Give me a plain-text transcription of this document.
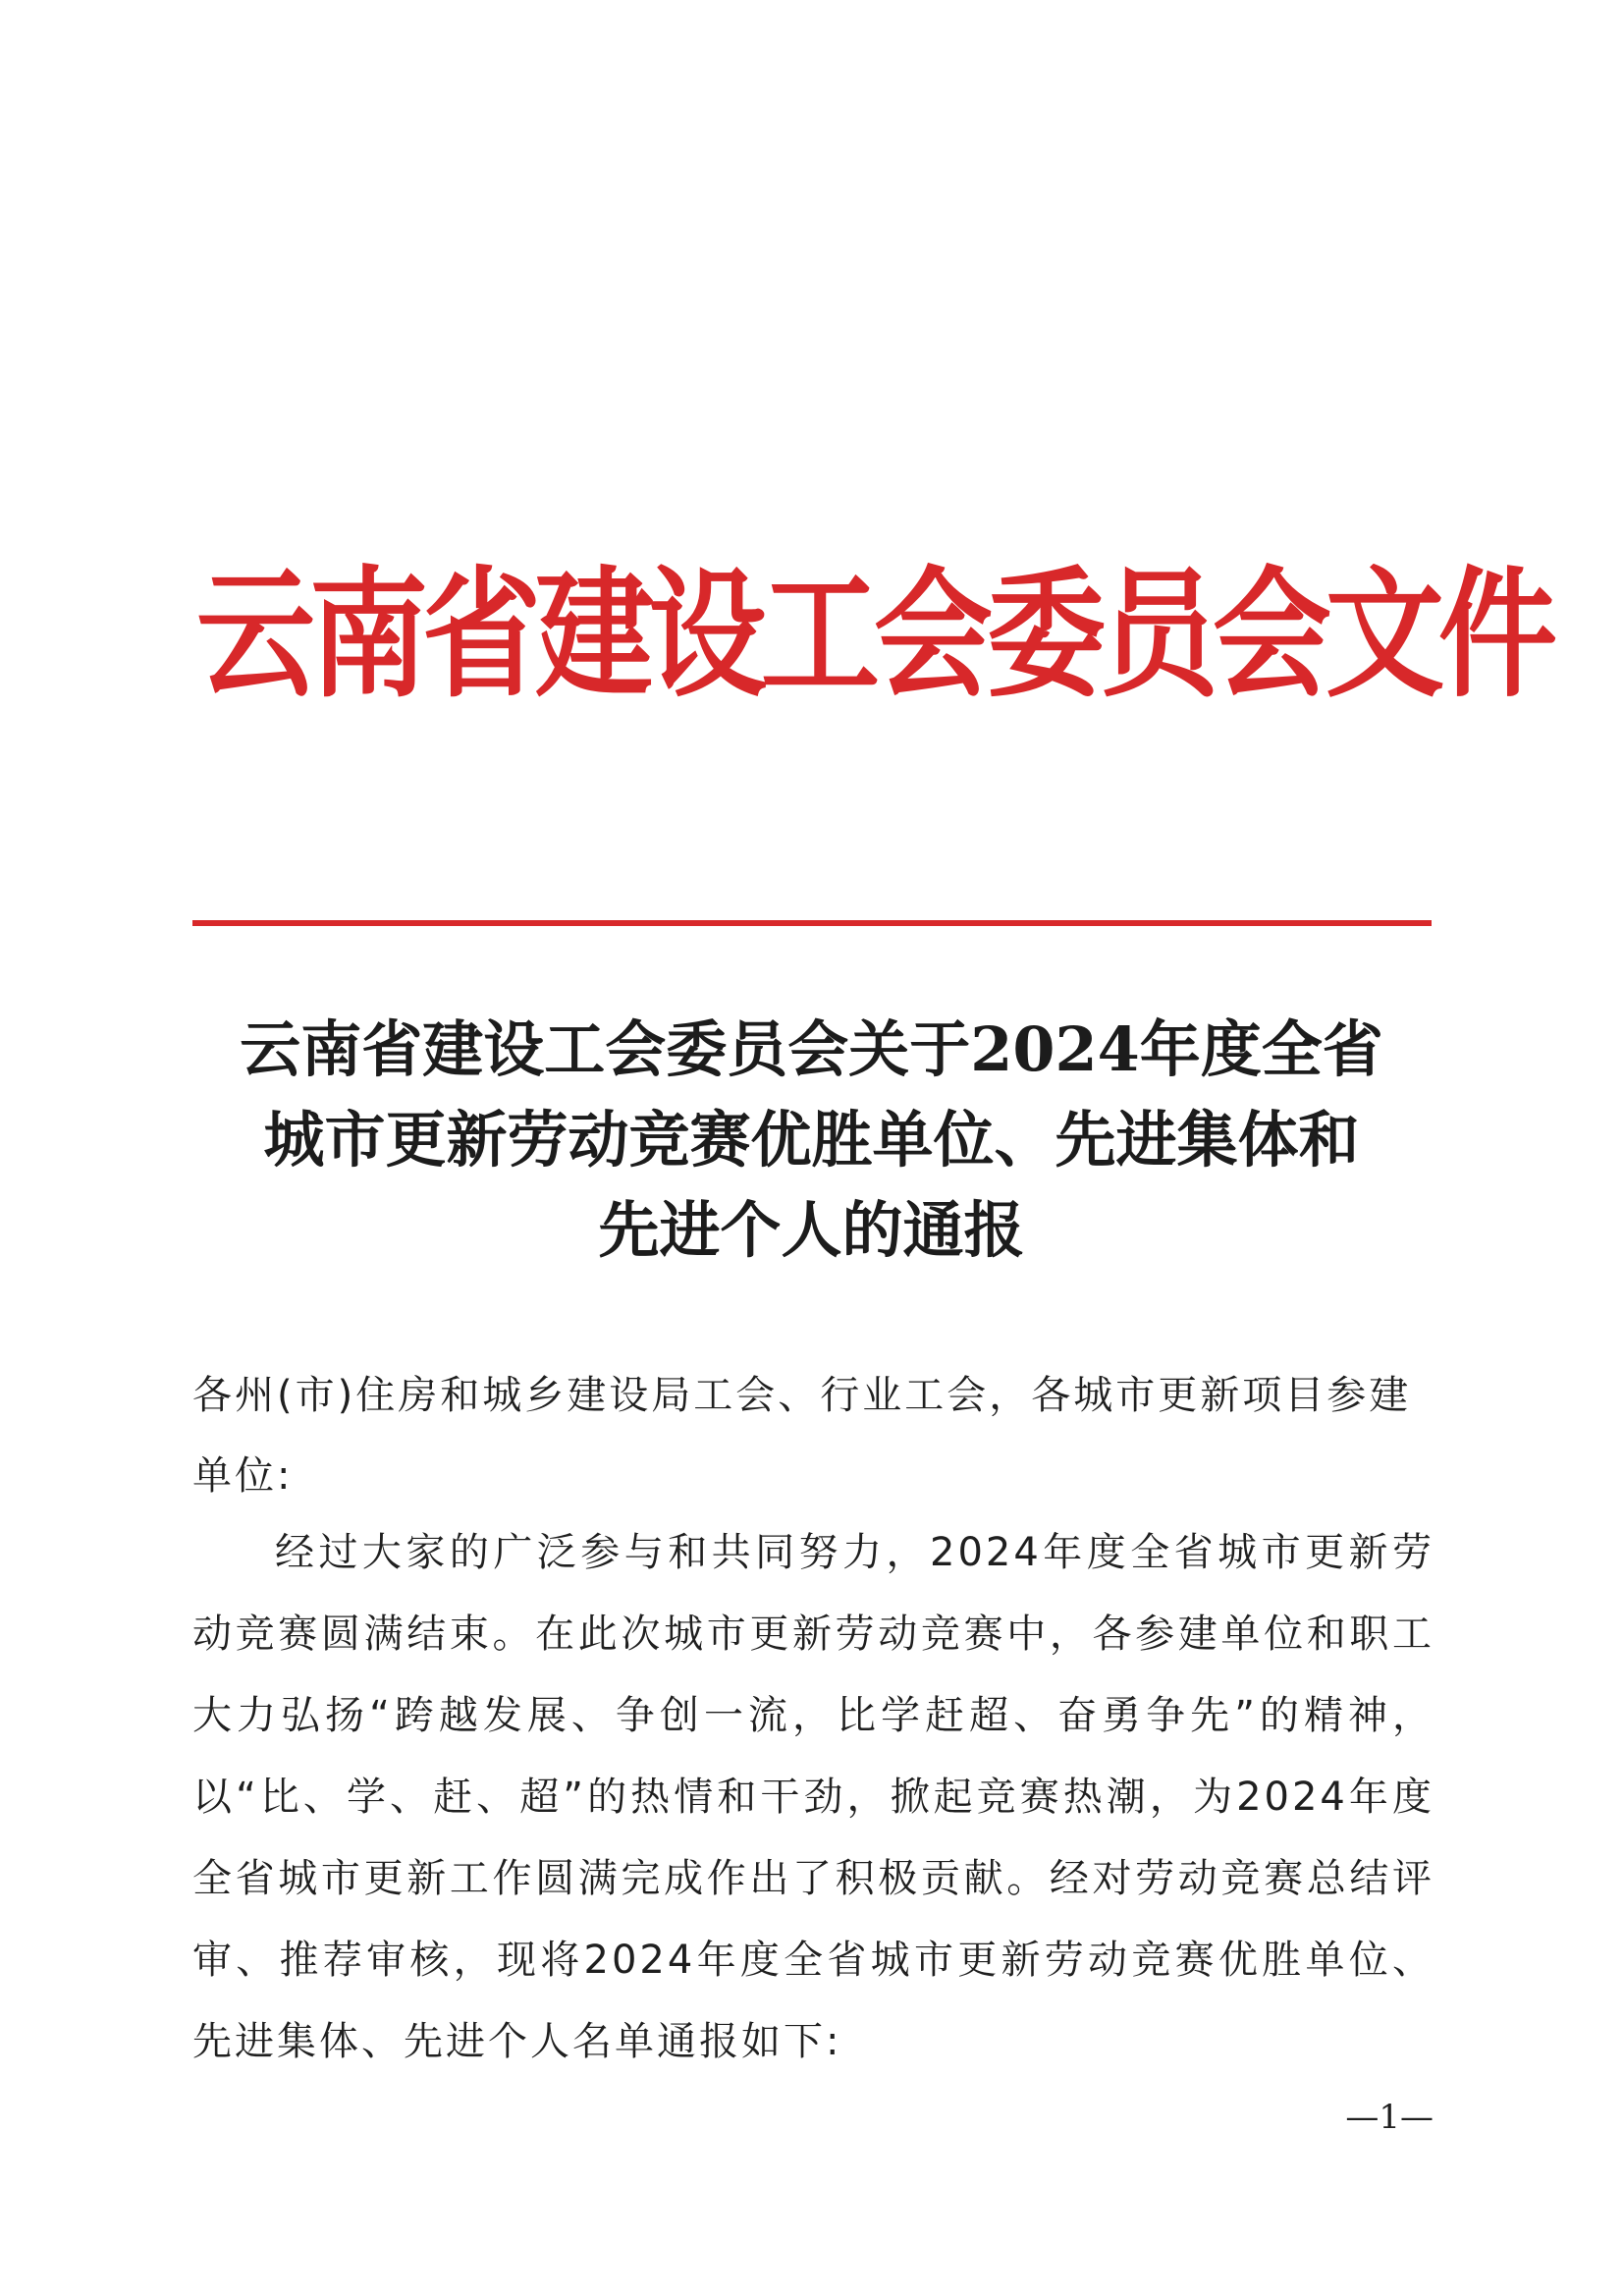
云南省建设工会委员会文件
云南省建设工会委员会关于2024年度全省
城市更新劳动竞赛优胜单位、先进集体和
先进个人的通报
各州(市)住房和城乡建设局工会、行业工会，各城市更新项目参建单位:
经过大家的广泛参与和共同努力，2024年度全省城市更新劳动竞赛圆满结束。在此次城市更新劳动竞赛中，各参建单位和职工大力弘扬“跨越发展、争创一流，比学赶超、奋勇争先”的精神，以“比、学、赶、超”的热情和干劲，掀起竞赛热潮，为2024年度全省城市更新工作圆满完成作出了积极贡献。经对劳动竞赛总结评审、推荐审核，现将2024年度全省城市更新劳动竞赛优胜单位、先进集体、先进个人名单通报如下:
—1—
